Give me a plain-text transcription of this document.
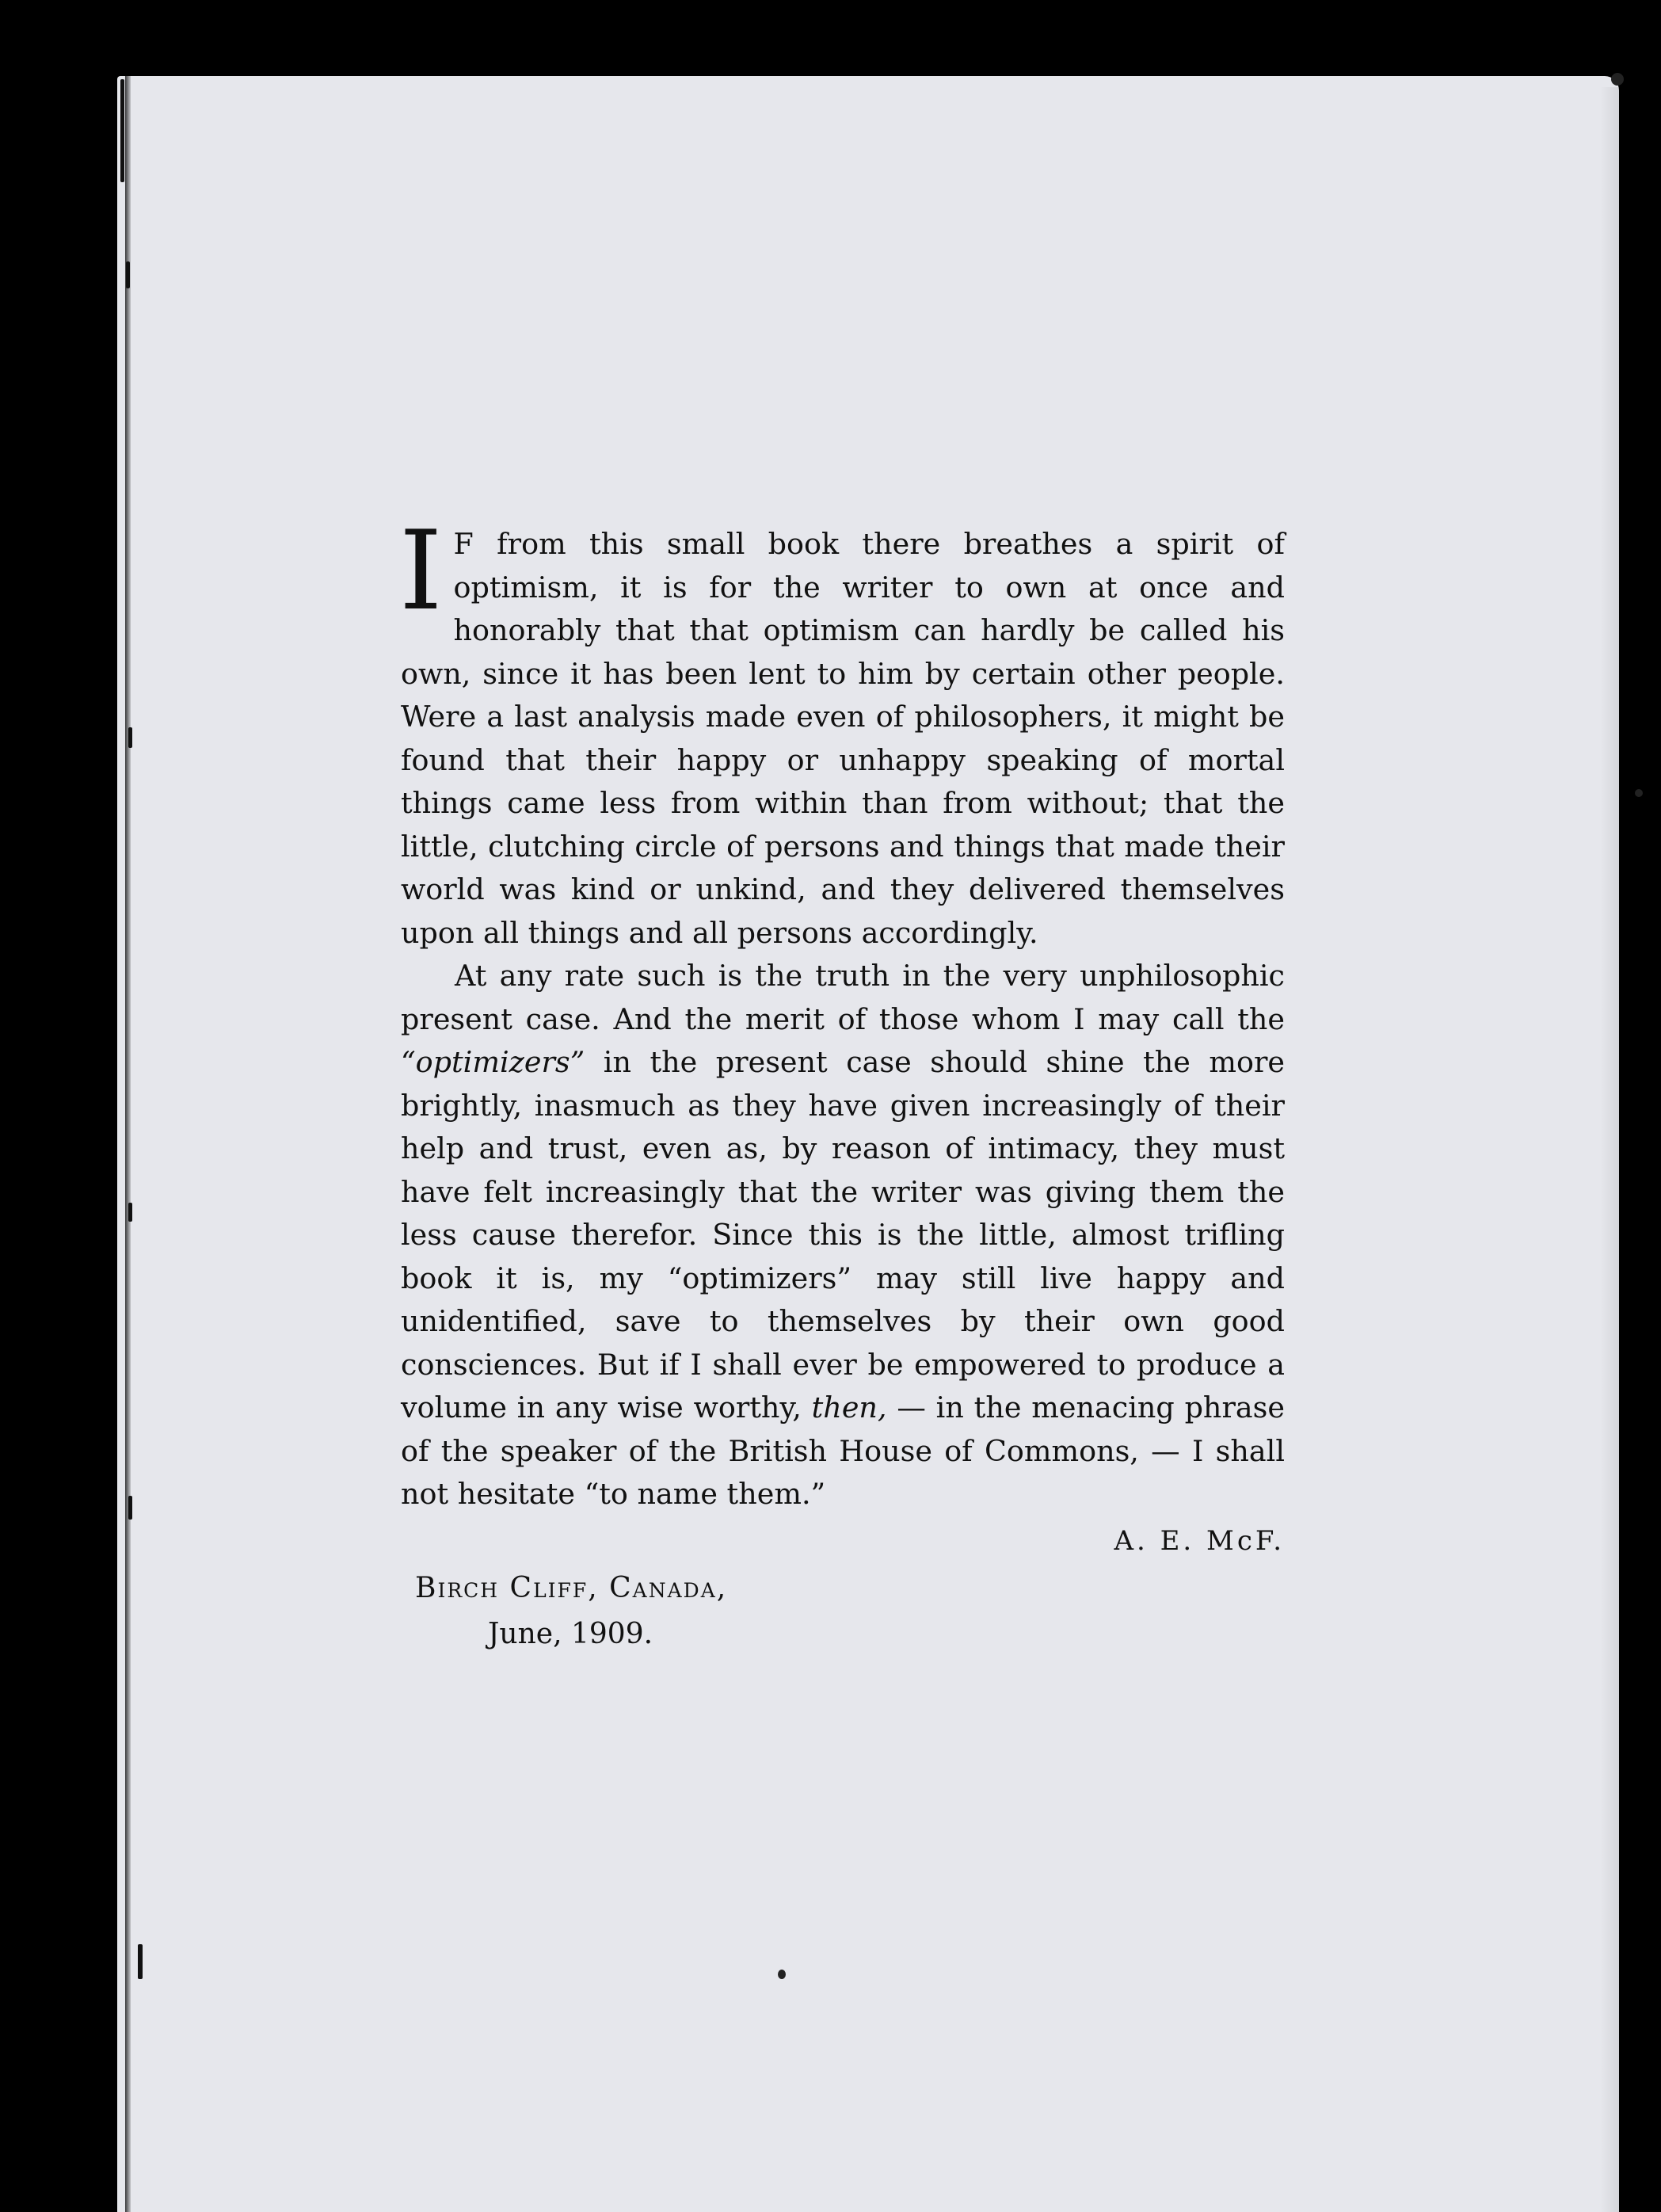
I F from this small book there breathes a spirit of optimism, it is for the writer to own at once and honorably that that optimism can hardly be called his own, since it has been lent to him by certain other people. Were a last analysis made even of philosophers, it might be found that their happy or unhappy speaking of mortal things came less from within than from without; that the little, clutching circle of persons and things that made their world was kind or unkind, and they delivered themselves upon all things and all persons accordingly.

At any rate such is the truth in the very unphilosophic present case. And the merit of those whom I may call the “optimizers” in the present case should shine the more brightly, inasmuch as they have given increasingly of their help and trust, even as, by reason of intimacy, they must have felt increasingly that the writer was giving them the less cause therefor. Since this is the little, almost trifling book it is, my “optimizers” may still live happy and unidentified, save to themselves by their own good consciences. But if I shall ever be empowered to produce a volume in any wise worthy, then, — in the menacing phrase of the speaker of the British House of Commons, — I shall not hesitate “to name them.”

A. E. McF.
Birch Cliff, Canada,
June, 1909.
